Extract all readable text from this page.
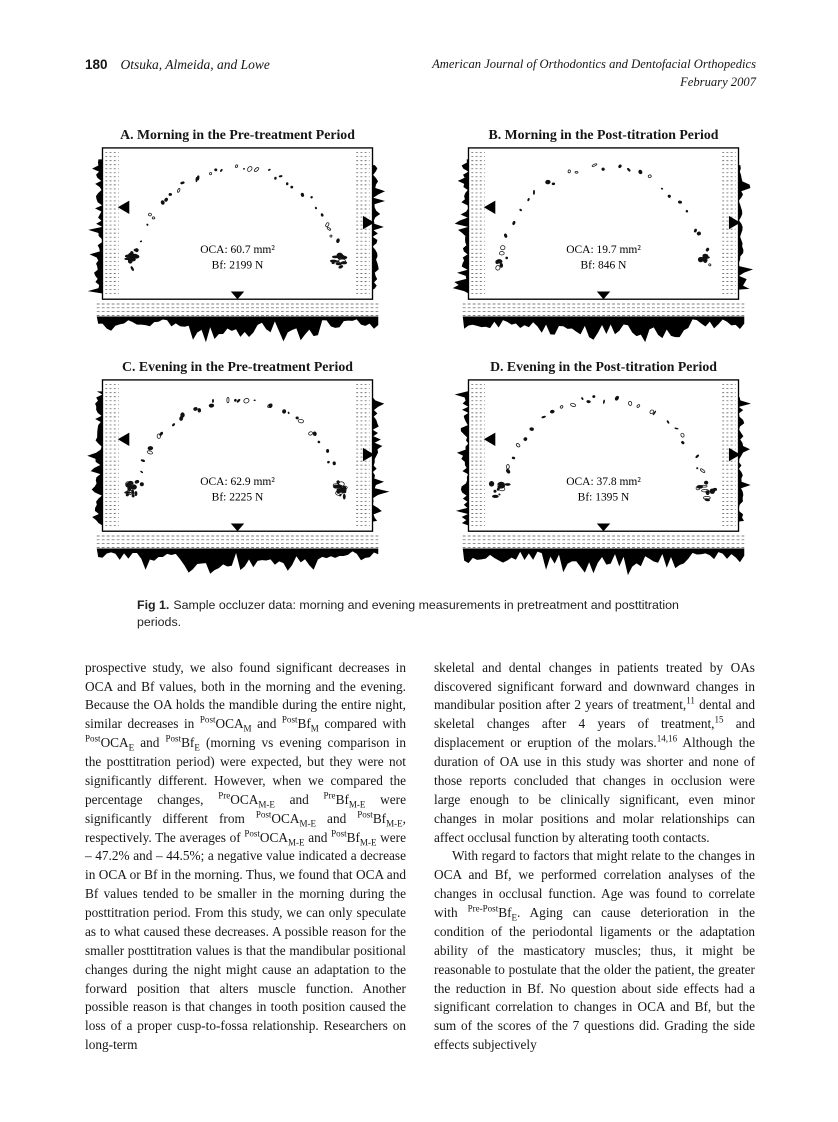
180 Otsuka, Almeida, and Lowe	American Journal of Orthodontics and Dentofacial Orthopedics
February 2007
A. Morning in the Pre-treatment Period
OCA: 60.7 mm²
Bf: 2199 N
B. Morning in the Post-titration Period
OCA: 19.7 mm²
Bf: 846 N
C. Evening in the Pre-treatment Period
OCA: 62.9 mm²
Bf: 2225 N
D. Evening in the Post-titration Period
OCA: 37.8 mm²
Bf: 1395 N
Fig 1. Sample occluzer data: morning and evening measurements in pretreatment and posttitration periods.

prospective study, we also found significant decreases in OCA and Bf values, both in the morning and the evening. Because the OA holds the mandible during the entire night, similar decreases in $^{Post}OCA_M$ and $^{Post}Bf_M$ compared with $^{Post}OCA_E$ and $^{Post}Bf_E$ (morning vs evening comparison in the posttitration period) were expected, but they were not significantly different. However, when we compared the percentage changes, $^{Pre}OCA_{M-E}$ and $^{Pre}Bf_{M-E}$ were significantly different from $^{Post}OCA_{M-E}$ and $^{Post}Bf_{M-E}$, respectively. The averages of $^{Post}OCA_{M-E}$ and $^{Post}Bf_{M-E}$ were – 47.2% and – 44.5%; a negative value indicated a decrease in OCA or Bf in the morning. Thus, we found that OCA and Bf values tended to be smaller in the morning during the posttitration period. From this study, we can only speculate as to what caused these decreases. A possible reason for the smaller posttitration values is that the mandibular positional changes during the night might cause an adaptation to the forward position that alters muscle function. Another possible reason is that changes in tooth position caused the loss of a proper cusp-to-fossa relationship. Researchers on long-term

skeletal and dental changes in patients treated by OAs discovered significant forward and downward changes in mandibular position after 2 years of treatment,$^{11}$ dental and skeletal changes after 4 years of treatment,$^{15}$ and displacement or eruption of the molars.$^{14,16}$ Although the duration of OA use in this study was shorter and none of those reports concluded that changes in occlusion were large enough to be clinically significant, even minor changes in molar positions and molar relationships can affect occlusal function by alterating tooth contacts.

With regard to factors that might relate to the changes in OCA and Bf, we performed correlation analyses of the changes in occlusal function. Age was found to correlate with $^{Pre-Post}Bf_E$. Aging can cause deterioration in the condition of the periodontal ligaments or the adaptation ability of the masticatory muscles; thus, it might be reasonable to postulate that the older the patient, the greater the reduction in Bf. No question about side effects had a significant correlation to changes in OCA and Bf, but the sum of the scores of the 7 questions did. Grading the side effects subjectively
